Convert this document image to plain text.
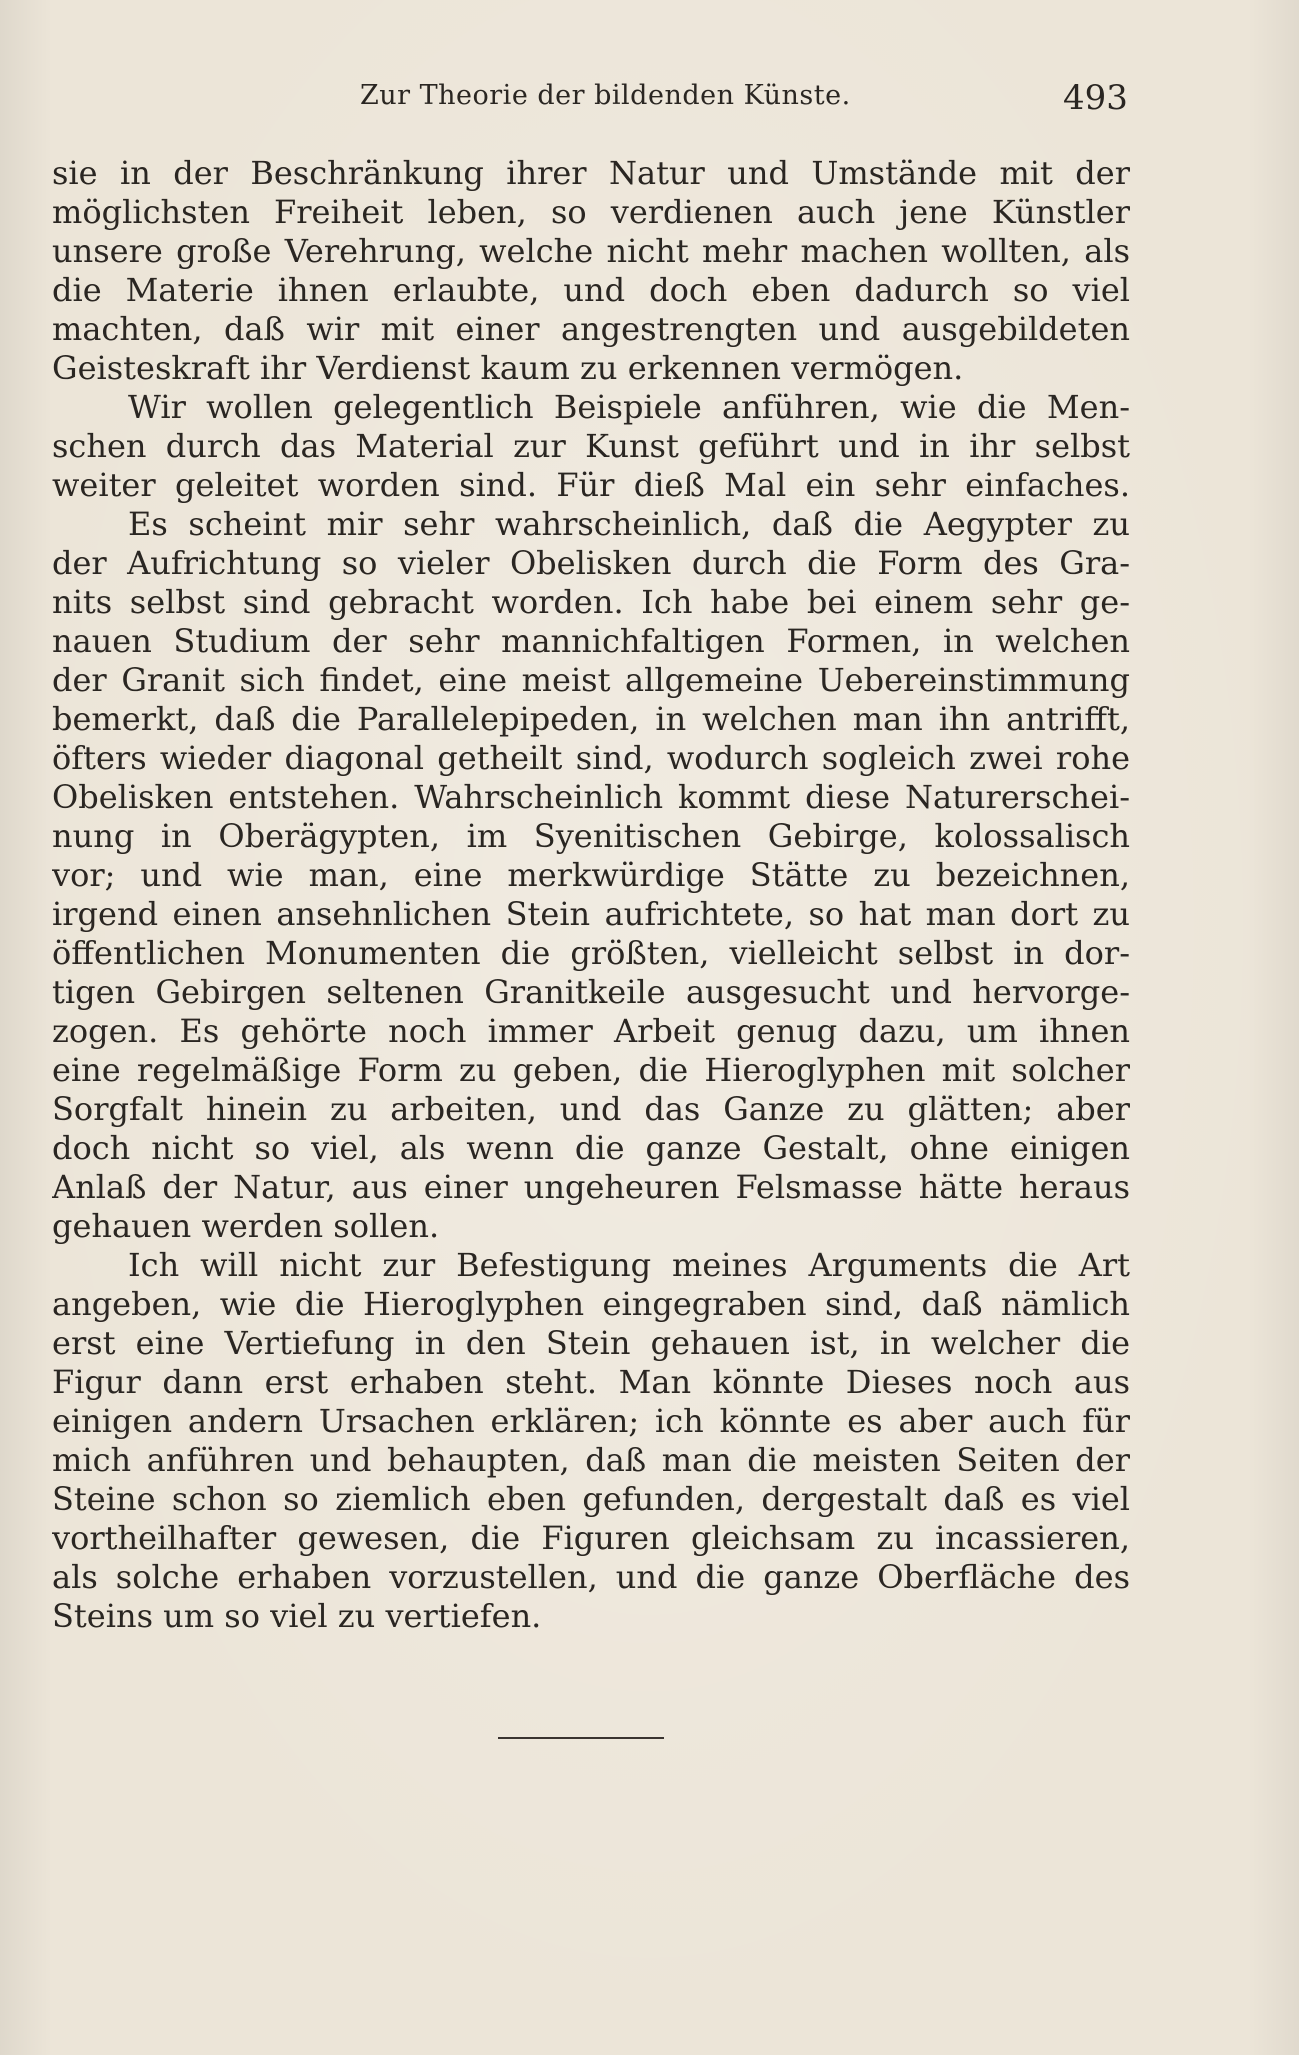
Zur Theorie der bildenden Künste.	493
sie in der Beschränkung ihrer Natur und Umstände mit der
möglichsten Freiheit leben, so verdienen auch jene Künstler
unsere große Verehrung, welche nicht mehr machen wollten, als
die Materie ihnen erlaubte, und doch eben dadurch so viel
machten, daß wir mit einer angestrengten und ausgebildeten
Geisteskraft ihr Verdienst kaum zu erkennen vermögen.
Wir wollen gelegentlich Beispiele anführen, wie die Men-
schen durch das Material zur Kunst geführt und in ihr selbst
weiter geleitet worden sind. Für dieß Mal ein sehr einfaches.
Es scheint mir sehr wahrscheinlich, daß die Aegypter zu
der Aufrichtung so vieler Obelisken durch die Form des Gra-
nits selbst sind gebracht worden. Ich habe bei einem sehr ge-
nauen Studium der sehr mannichfaltigen Formen, in welchen
der Granit sich findet, eine meist allgemeine Uebereinstimmung
bemerkt, daß die Parallelepipeden, in welchen man ihn antrifft,
öfters wieder diagonal getheilt sind, wodurch sogleich zwei rohe
Obelisken entstehen. Wahrscheinlich kommt diese Naturerschei-
nung in Oberägypten, im Syenitischen Gebirge, kolossalisch
vor; und wie man, eine merkwürdige Stätte zu bezeichnen,
irgend einen ansehnlichen Stein aufrichtete, so hat man dort zu
öffentlichen Monumenten die größten, vielleicht selbst in dor-
tigen Gebirgen seltenen Granitkeile ausgesucht und hervorge-
zogen. Es gehörte noch immer Arbeit genug dazu, um ihnen
eine regelmäßige Form zu geben, die Hieroglyphen mit solcher
Sorgfalt hinein zu arbeiten, und das Ganze zu glätten; aber
doch nicht so viel, als wenn die ganze Gestalt, ohne einigen
Anlaß der Natur, aus einer ungeheuren Felsmasse hätte heraus
gehauen werden sollen.
Ich will nicht zur Befestigung meines Arguments die Art
angeben, wie die Hieroglyphen eingegraben sind, daß nämlich
erst eine Vertiefung in den Stein gehauen ist, in welcher die
Figur dann erst erhaben steht. Man könnte Dieses noch aus
einigen andern Ursachen erklären; ich könnte es aber auch für
mich anführen und behaupten, daß man die meisten Seiten der
Steine schon so ziemlich eben gefunden, dergestalt daß es viel
vortheilhafter gewesen, die Figuren gleichsam zu incassieren,
als solche erhaben vorzustellen, und die ganze Oberfläche des
Steins um so viel zu vertiefen.
